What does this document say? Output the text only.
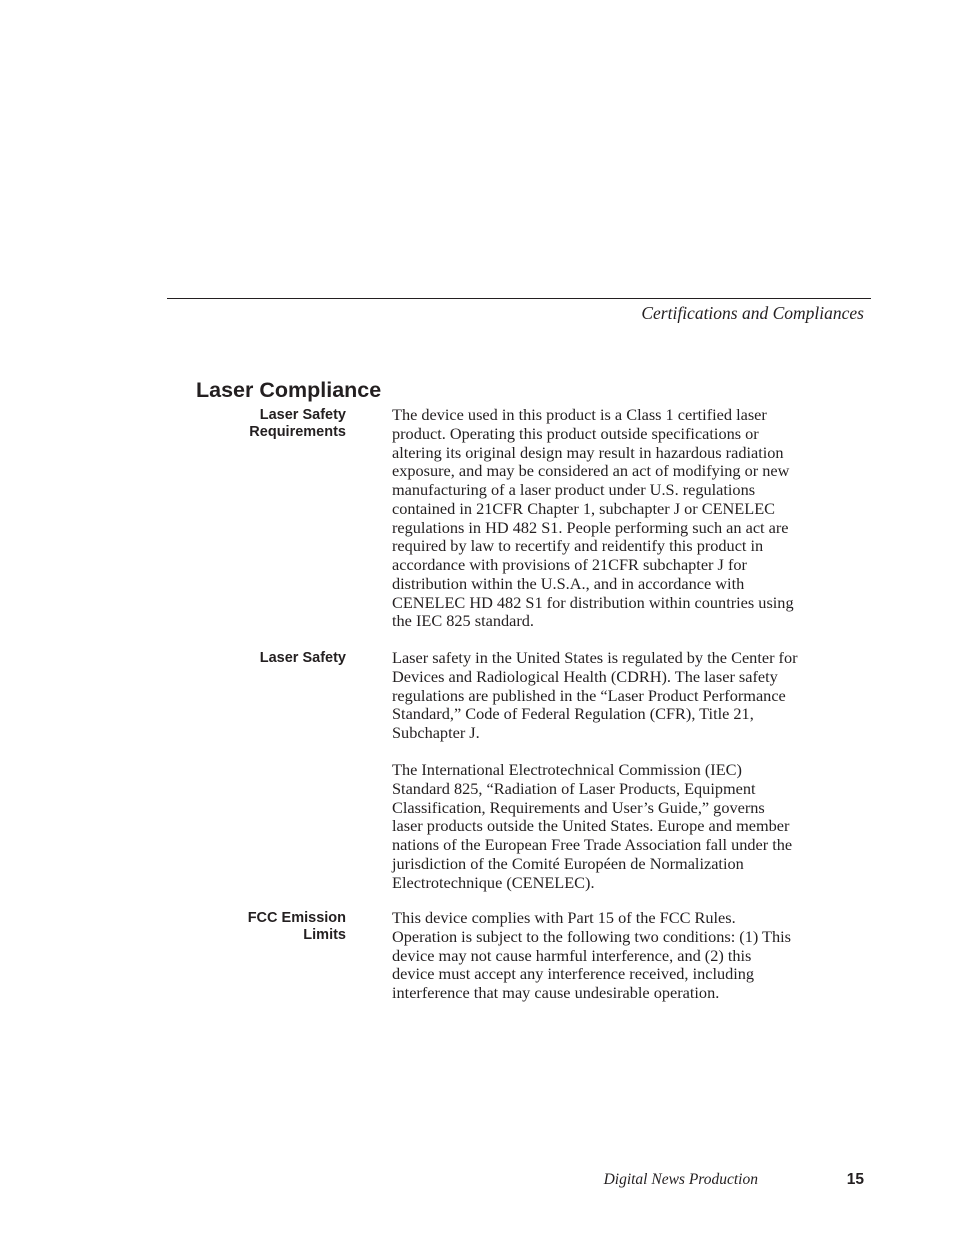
Certifications and Compliances
Laser Compliance
Laser Safety
Requirements
The device used in this product is a Class 1 certified laser
product. Operating this product outside specifications or
altering its original design may result in hazardous radiation
exposure, and may be considered an act of modifying or new
manufacturing of a laser product under U.S. regulations
contained in 21CFR Chapter 1, subchapter J or CENELEC
regulations in HD 482 S1. People performing such an act are
required by law to recertify and reidentify this product in
accordance with provisions of 21CFR subchapter J for
distribution within the U.S.A., and in accordance with
CENELEC HD 482 S1 for distribution within countries using
the IEC 825 standard.
Laser Safety	Laser safety in the United States is regulated by the Center for
Devices and Radiological Health (CDRH). The laser safety
regulations are published in the “Laser Product Performance
Standard,” Code of Federal Regulation (CFR), Title 21,
Subchapter J.
The International Electrotechnical Commission (IEC)
Standard 825, “Radiation of Laser Products, Equipment
Classification, Requirements and User’s Guide,” governs
laser products outside the United States. Europe and member
nations of the European Free Trade Association fall under the
jurisdiction of the Comité Européen de Normalization
Electrotechnique (CENELEC).
FCC Emission
Limits
This device complies with Part 15 of the FCC Rules.
Operation is subject to the following two conditions: (1) This
device may not cause harmful interference, and (2) this
device must accept any interference received, including
interference that may cause undesirable operation.
Digital News Production	15
